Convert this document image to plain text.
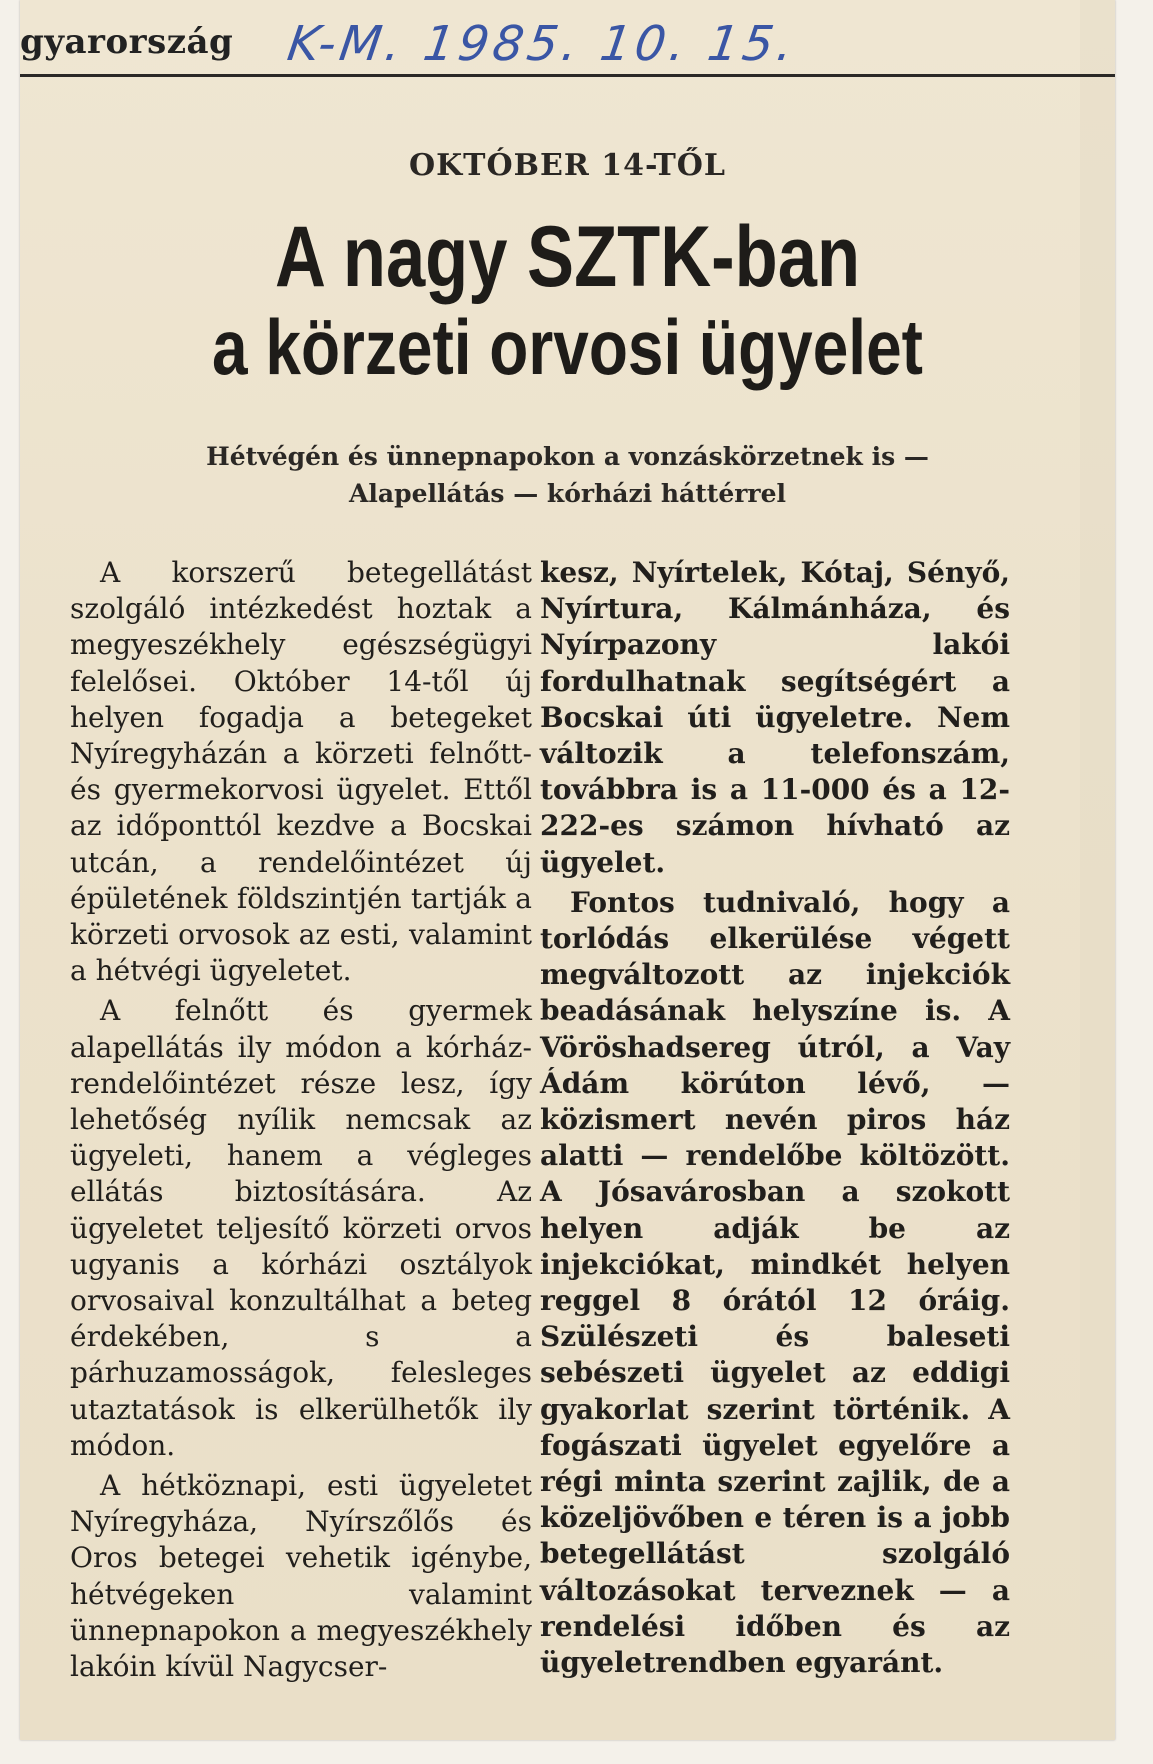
gyarország K-M. 1985. 10. 15.
OKTÓBER 14-TŐL
A nagy SZTK-ban
a körzeti orvosi ügyelet
Hétvégén és ünnepnapokon a vonzáskörzetnek is —
Alapellátás — kórházi háttérrel

A korszerű betegellátást szolgáló intézkedést hoztak a megyeszékhely egészségügyi felelősei. Október 14-től új helyen fogadja a betegeket Nyíregyházán a körzeti felnőtt- és gyermekorvosi ügyelet. Ettől az időponttól kezdve a Bocskai utcán, a rendelőintézet új épületének földszintjén tartják a körzeti orvosok az esti, valamint a hétvégi ügyeletet.

A felnőtt és gyermek alapellátás ily módon a kórház-rendelőintézet része lesz, így lehetőség nyílik nemcsak az ügyeleti, hanem a végleges ellátás biztosítására. Az ügyeletet teljesítő körzeti orvos ugyanis a kórházi osztályok orvosaival konzultálhat a beteg érdekében, s a párhuzamosságok, felesleges utaztatások is elkerülhetők ily módon.

A hétköznapi, esti ügyeletet Nyíregyháza, Nyírszőlős és Oros betegei vehetik igénybe, hétvégeken valamint ünnepnapokon a megyeszékhely lakóin kívül Nagycser-

kesz, Nyírtelek, Kótaj, Sényő, Nyírtura, Kálmánháza, és Nyírpazony lakói fordulhatnak segítségért a Bocskai úti ügyeletre. Nem változik a telefonszám, továbbra is a 11-000 és a 12-222-es számon hívható az ügyelet.

Fontos tudnivaló, hogy a torlódás elkerülése végett megváltozott az injekciók beadásának helyszíne is. A Vöröshadsereg útról, a Vay Ádám körúton lévő, — közismert nevén piros ház alatti — rendelőbe költözött. A Jósavárosban a szokott helyen adják be az injekciókat, mindkét helyen reggel 8 órától 12 óráig. Szülészeti és baleseti sebészeti ügyelet az eddigi gyakorlat szerint történik. A fogászati ügyelet egyelőre a régi minta szerint zajlik, de a közeljövőben e téren is a jobb betegellátást szolgáló változásokat terveznek — a rendelési időben és az ügyeletrendben egyaránt.
